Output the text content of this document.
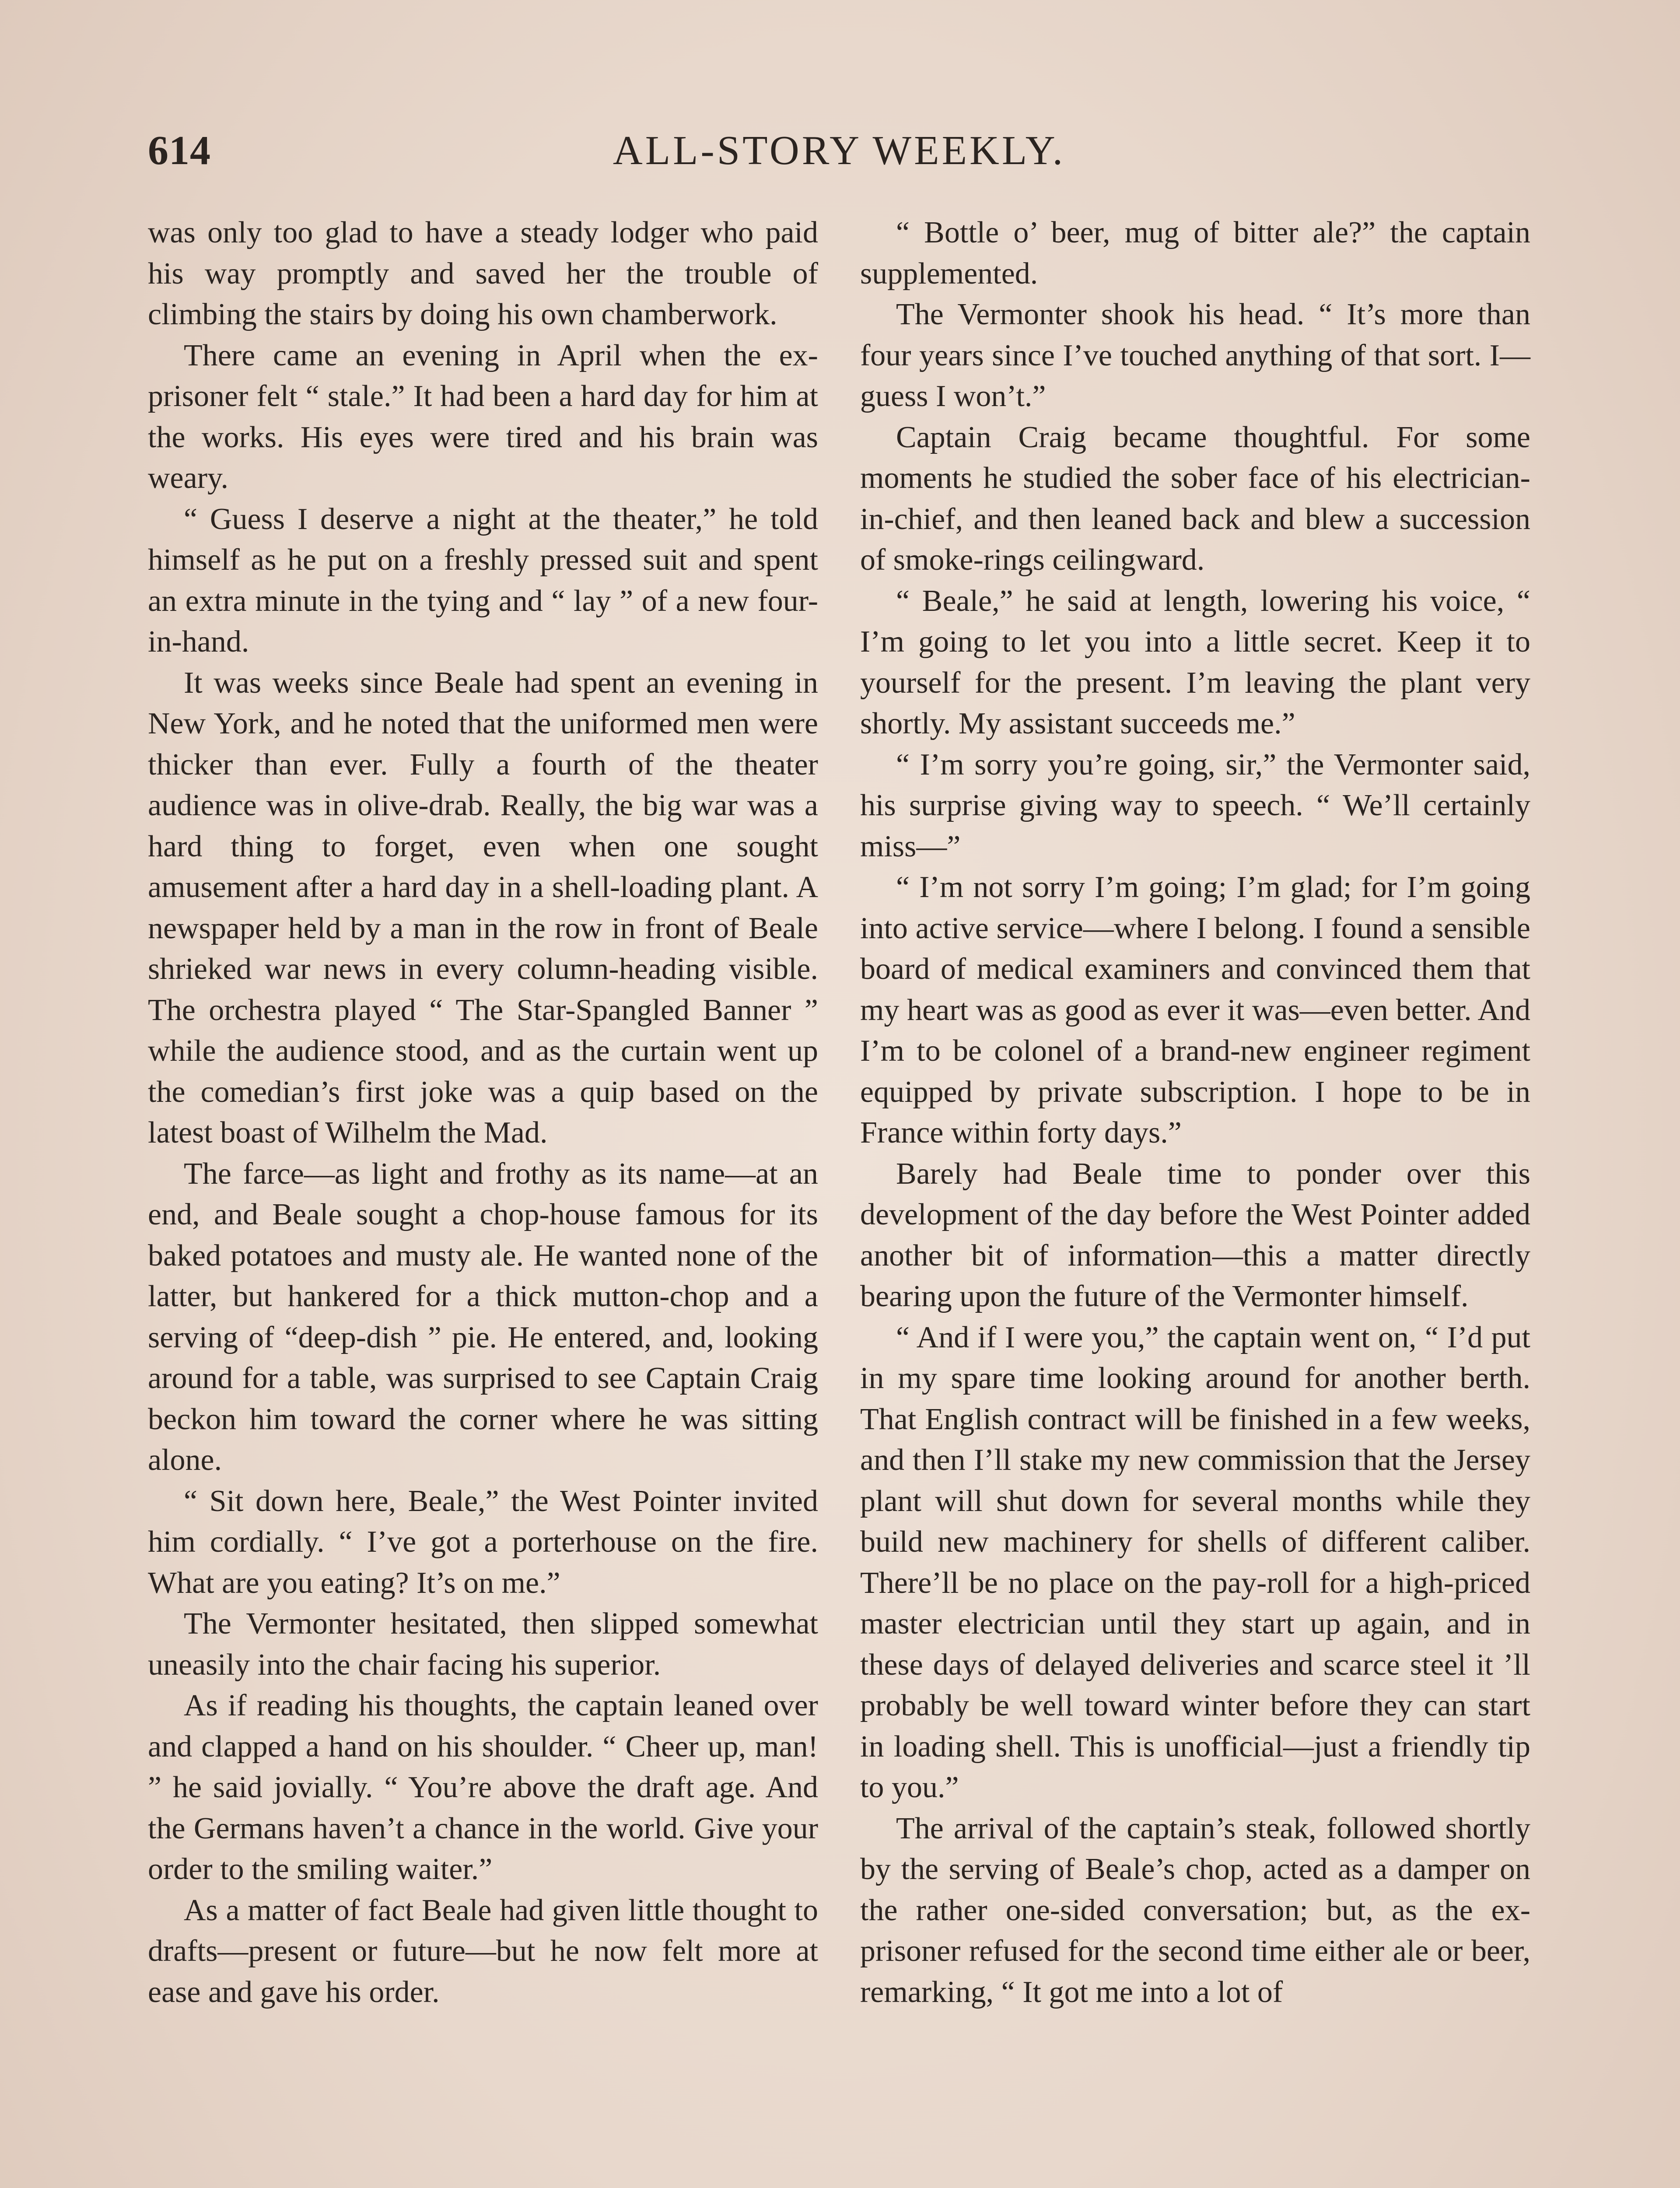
614	ALL-STORY WEEKLY.

was only too glad to have a steady lodger who paid his way promptly and saved her the trouble of climbing the stairs by doing his own chamberwork.

There came an evening in April when the ex-prisoner felt “ stale.” It had been a hard day for him at the works. His eyes were tired and his brain was weary.

“ Guess I deserve a night at the theater,” he told himself as he put on a freshly pressed suit and spent an extra minute in the tying and “ lay ” of a new four-in-hand.

It was weeks since Beale had spent an evening in New York, and he noted that the uniformed men were thicker than ever. Fully a fourth of the theater audience was in olive-drab. Really, the big war was a hard thing to forget, even when one sought amusement after a hard day in a shell-loading plant. A newspaper held by a man in the row in front of Beale shrieked war news in every column-heading visible. The orchestra played “ The Star-Spangled Banner ” while the audience stood, and as the curtain went up the comedian’s first joke was a quip based on the latest boast of Wilhelm the Mad.

The farce—as light and frothy as its name—at an end, and Beale sought a chop-house famous for its baked potatoes and musty ale. He wanted none of the latter, but hankered for a thick mutton-chop and a serving of “deep-dish ” pie. He entered, and, looking around for a table, was surprised to see Captain Craig beckon him toward the corner where he was sitting alone.

“ Sit down here, Beale,” the West Pointer invited him cordially. “ I’ve got a porterhouse on the fire. What are you eating? It’s on me.”

The Vermonter hesitated, then slipped somewhat uneasily into the chair facing his superior.

As if reading his thoughts, the captain leaned over and clapped a hand on his shoulder. “ Cheer up, man! ” he said jovially. “ You’re above the draft age. And the Germans haven’t a chance in the world. Give your order to the smiling waiter.”

As a matter of fact Beale had given little thought to drafts—present or future—but he now felt more at ease and gave his order.

“ Bottle o’ beer, mug of bitter ale?” the captain supplemented.

The Vermonter shook his head. “ It’s more than four years since I’ve touched anything of that sort. I—guess I won’t.”

Captain Craig became thoughtful. For some moments he studied the sober face of his electrician-in-chief, and then leaned back and blew a succession of smoke-rings ceilingward.

“ Beale,” he said at length, lowering his voice, “ I’m going to let you into a little secret. Keep it to yourself for the present. I’m leaving the plant very shortly. My assistant succeeds me.”

“ I’m sorry you’re going, sir,” the Vermonter said, his surprise giving way to speech. “ We’ll certainly miss—”

“ I’m not sorry I’m going; I’m glad; for I’m going into active service—where I belong. I found a sensible board of medical examiners and convinced them that my heart was as good as ever it was—even better. And I’m to be colonel of a brand-new engineer regiment equipped by private subscription. I hope to be in France within forty days.”

Barely had Beale time to ponder over this development of the day before the West Pointer added another bit of information—this a matter directly bearing upon the future of the Vermonter himself.

“ And if I were you,” the captain went on, “ I’d put in my spare time looking around for another berth. That English contract will be finished in a few weeks, and then I’ll stake my new commission that the Jersey plant will shut down for several months while they build new machinery for shells of different caliber. There’ll be no place on the pay-roll for a high-priced master electrician until they start up again, and in these days of delayed deliveries and scarce steel it ’ll probably be well toward winter before they can start in loading shell. This is unofficial—just a friendly tip to you.”

The arrival of the captain’s steak, followed shortly by the serving of Beale’s chop, acted as a damper on the rather one-sided conversation; but, as the ex-prisoner refused for the second time either ale or beer, remarking, “ It got me into a lot of
